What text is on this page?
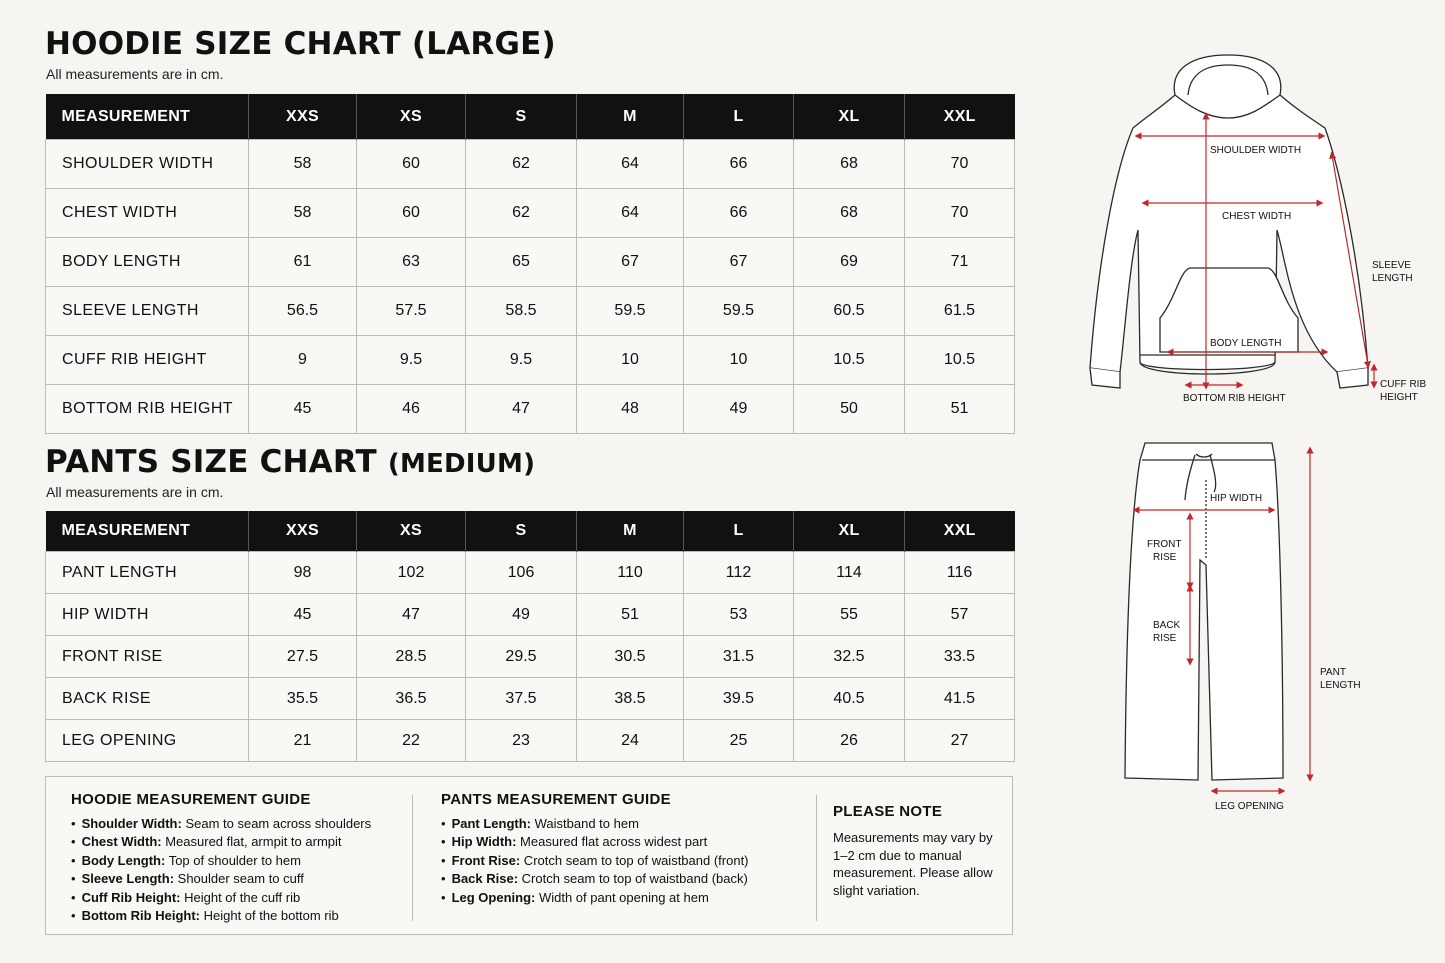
HOODIE SIZE CHART (LARGE)

All measurements are in cm.

MEASUREMENT	XXS	XS	S	M	L	XL	XXL
SHOULDER WIDTH	58	60	62	64	66	68	70
CHEST WIDTH	58	60	62	64	66	68	70
BODY LENGTH	61	63	65	67	67	69	71
SLEEVE LENGTH	56.5	57.5	58.5	59.5	59.5	60.5	61.5
CUFF RIB HEIGHT	9	9.5	9.5	10	10	10.5	10.5
BOTTOM RIB HEIGHT	45	46	47	48	49	50	51
PANTS SIZE CHART (MEDIUM)

All measurements are in cm.

MEASUREMENT	XXS	XS	S	M	L	XL	XXL
PANT LENGTH	98	102	106	110	112	114	116
HIP WIDTH	45	47	49	51	53	55	57
FRONT RISE	27.5	28.5	29.5	30.5	31.5	32.5	33.5
BACK RISE	35.5	36.5	37.5	38.5	39.5	40.5	41.5
LEG OPENING	21	22	23	24	25	26	27
HOODIE MEASUREMENT GUIDE
• Shoulder Width: Seam to seam across shoulders
• Chest Width: Measured flat, armpit to armpit
• Body Length: Top of shoulder to hem
• Sleeve Length: Shoulder seam to cuff
• Cuff Rib Height: Height of the cuff rib
• Bottom Rib Height: Height of the bottom rib
PANTS MEASUREMENT GUIDE
• Pant Length: Waistband to hem
• Hip Width: Measured flat across widest part
• Front Rise: Crotch seam to top of waistband (front)
• Back Rise: Crotch seam to top of waistband (back)
• Leg Opening: Width of pant opening at hem
PLEASE NOTE
Measurements may vary by 1–2 cm due to manual measurement. Please allow slight variation.
SHOULDER WIDTH
CHEST WIDTH
SLEEVE
LENGTH
BODY LENGTH
BOTTOM RIB HEIGHT
CUFF RIB
HEIGHT
HIP WIDTH
FRONT
RISE
BACK
RISE
PANT
LENGTH
LEG OPENING
